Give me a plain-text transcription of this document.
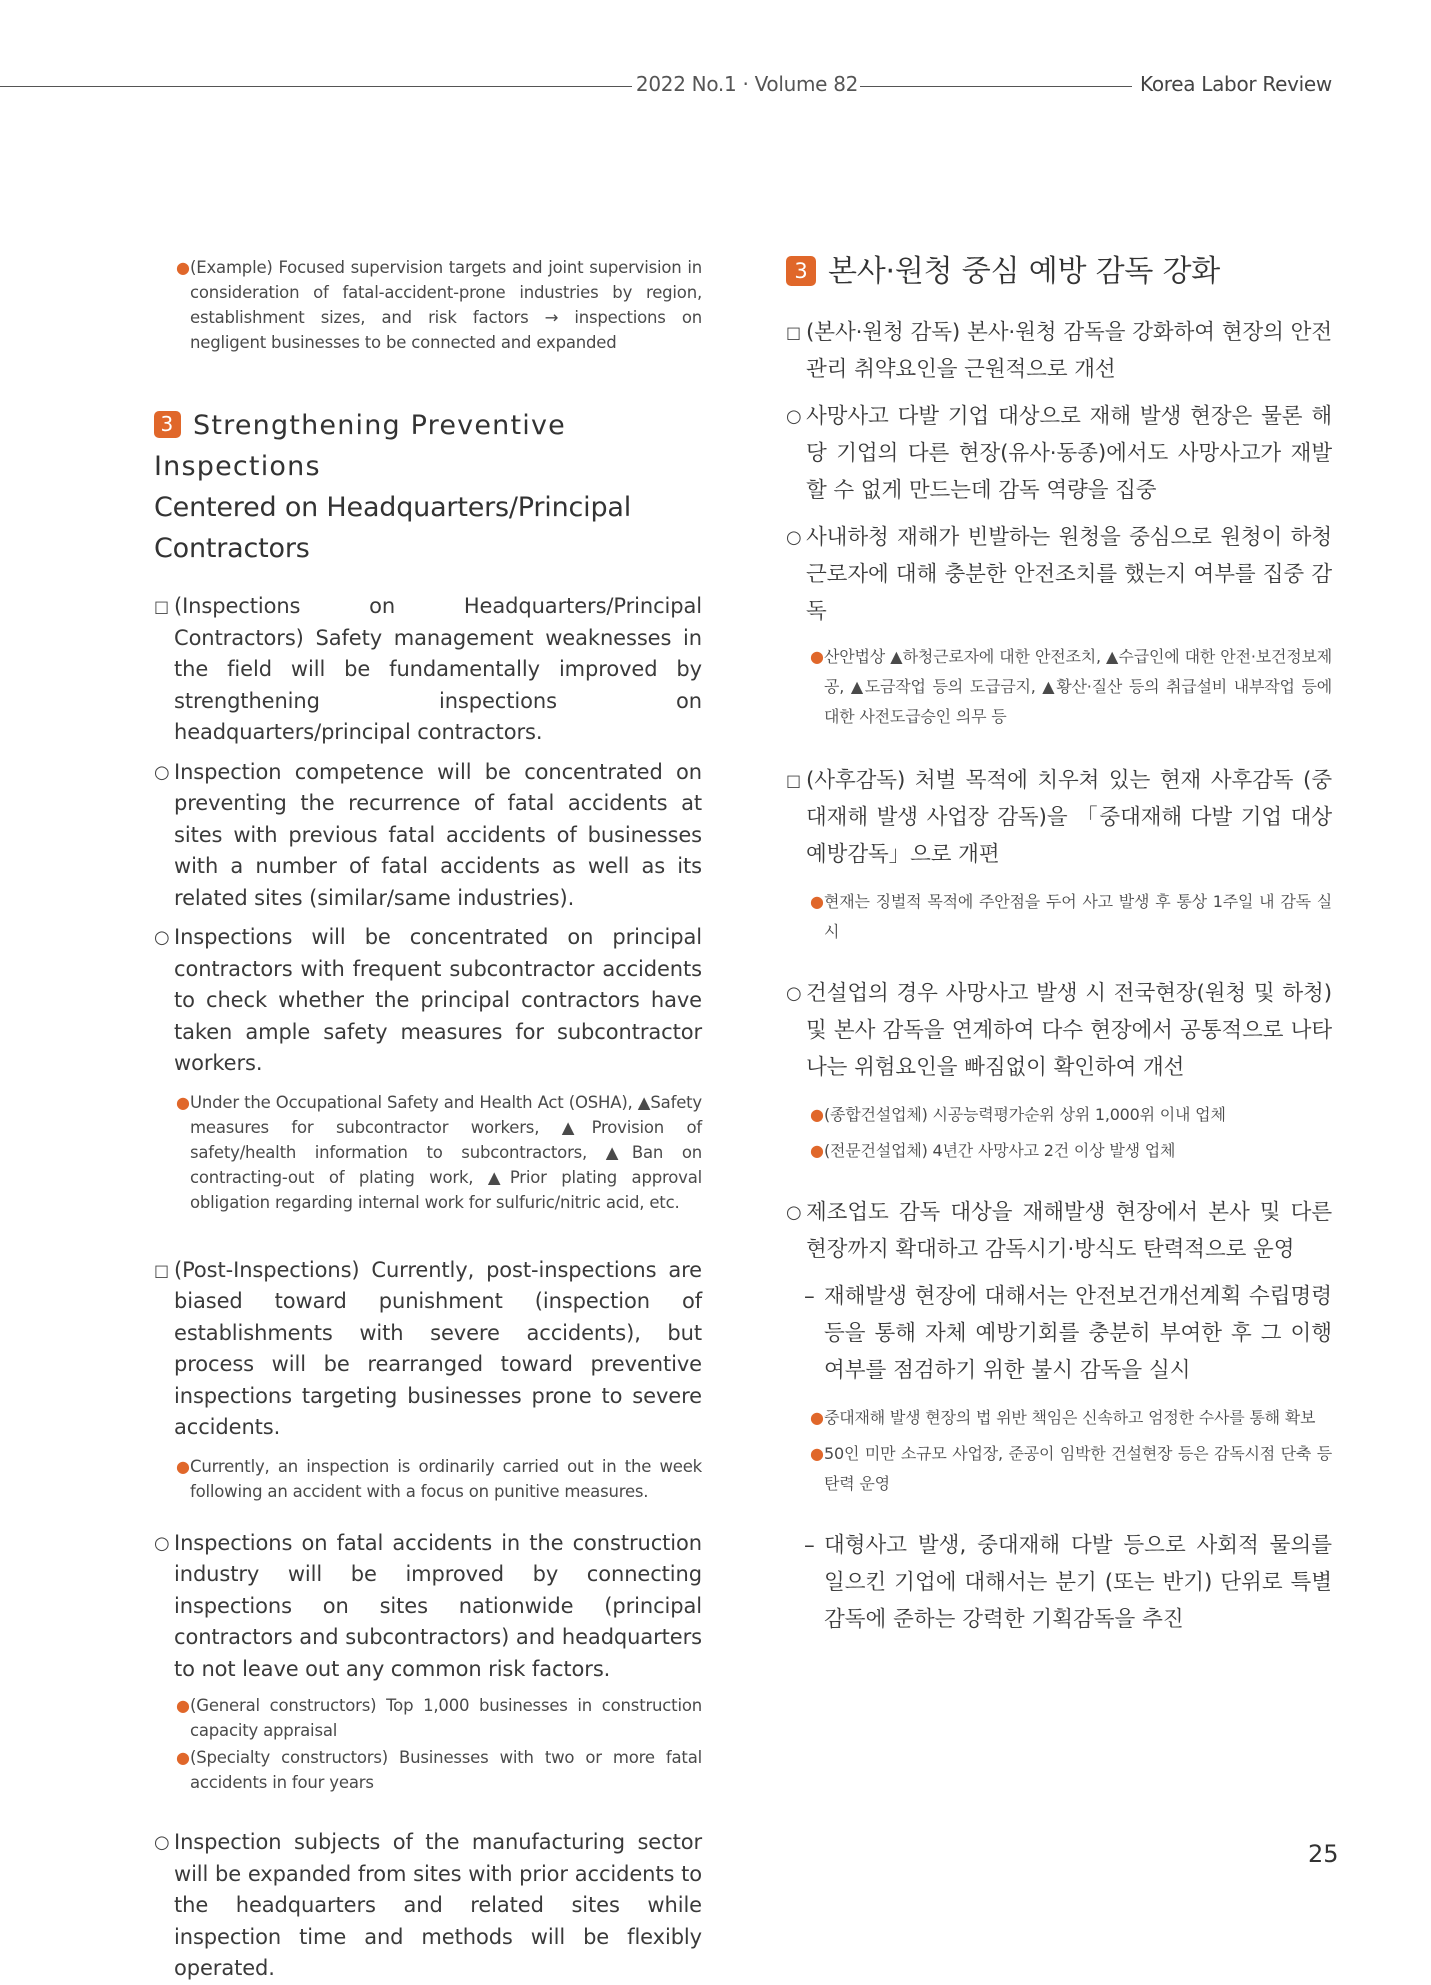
2022 No.1 · Volume 82	Korea Labor Review
● (Example) Focused supervision targets and joint supervision in consideration of fatal-accident-prone industries by region, establishment sizes, and risk factors → inspections on negligent businesses to be connected and expanded
3 Strengthening Preventive Inspections
Centered on Headquarters/Principal Contractors
□ (Inspections on Headquarters/Principal Contractors) Safety management weaknesses in the field will be fundamentally improved by strengthening inspections on headquarters/principal contractors.
○ Inspection competence will be concentrated on preventing the recurrence of fatal accidents at sites with previous fatal accidents of businesses with a number of fatal accidents as well as its related sites (similar/same industries).
○ Inspections will be concentrated on principal contractors with frequent subcontractor accidents to check whether the principal contractors have taken ample safety measures for subcontractor workers.
● Under the Occupational Safety and Health Act (OSHA), ▲Safety measures for subcontractor workers, ▲Provision of safety/health information to subcontractors, ▲Ban on contracting-out of plating work, ▲Prior plating approval obligation regarding internal work for sulfuric/nitric acid, etc.
□ (Post-Inspections) Currently, post-inspections are biased toward punishment (inspection of establishments with severe accidents), but process will be rearranged toward preventive inspections targeting businesses prone to severe accidents.
● Currently, an inspection is ordinarily carried out in the week following an accident with a focus on punitive measures.
○ Inspections on fatal accidents in the construction industry will be improved by connecting inspections on sites nationwide (principal contractors and subcontractors) and headquarters to not leave out any common risk factors.
● (General constructors) Top 1,000 businesses in construction capacity appraisal
● (Specialty constructors) Businesses with two or more fatal accidents in four years
○ Inspection subjects of the manufacturing sector will be expanded from sites with prior accidents to the headquarters and related sites while inspection time and methods will be flexibly operated.
3 본사·원청 중심 예방 감독 강화
□ (본사·원청 감독) 본사·원청 감독을 강화하여 현장의 안전관리 취약요인을 근원적으로 개선
○ 사망사고 다발 기업 대상으로 재해 발생 현장은 물론 해당 기업의 다른 현장(유사·동종)에서도 사망사고가 재발할 수 없게 만드는데 감독 역량을 집중
○ 사내하청 재해가 빈발하는 원청을 중심으로 원청이 하청 근로자에 대해 충분한 안전조치를 했는지 여부를 집중 감독
● 산안법상 ▲하청근로자에 대한 안전조치, ▲수급인에 대한 안전·보건정보제공, ▲도금작업 등의 도급금지, ▲황산·질산 등의 취급설비 내부작업 등에 대한 사전도급승인 의무 등
□ (사후감독) 처벌 목적에 치우쳐 있는 현재 사후감독 (중대재해 발생 사업장 감독)을 「중대재해 다발 기업 대상 예방감독」으로 개편
● 현재는 징벌적 목적에 주안점을 두어 사고 발생 후 통상 1주일 내 감독 실시
○ 건설업의 경우 사망사고 발생 시 전국현장(원청 및 하청) 및 본사 감독을 연계하여 다수 현장에서 공통적으로 나타나는 위험요인을 빠짐없이 확인하여 개선
● (종합건설업체) 시공능력평가순위 상위 1,000위 이내 업체
● (전문건설업체) 4년간 사망사고 2건 이상 발생 업체
○ 제조업도 감독 대상을 재해발생 현장에서 본사 및 다른 현장까지 확대하고 감독시기·방식도 탄력적으로 운영
– 재해발생 현장에 대해서는 안전보건개선계획 수립명령 등을 통해 자체 예방기회를 충분히 부여한 후 그 이행여부를 점검하기 위한 불시 감독을 실시
● 중대재해 발생 현장의 법 위반 책임은 신속하고 엄정한 수사를 통해 확보
● 50인 미만 소규모 사업장, 준공이 임박한 건설현장 등은 감독시점 단축 등 탄력 운영
– 대형사고 발생, 중대재해 다발 등으로 사회적 물의를 일으킨 기업에 대해서는 분기 (또는 반기) 단위로 특별감독에 준하는 강력한 기획감독을 추진
25
